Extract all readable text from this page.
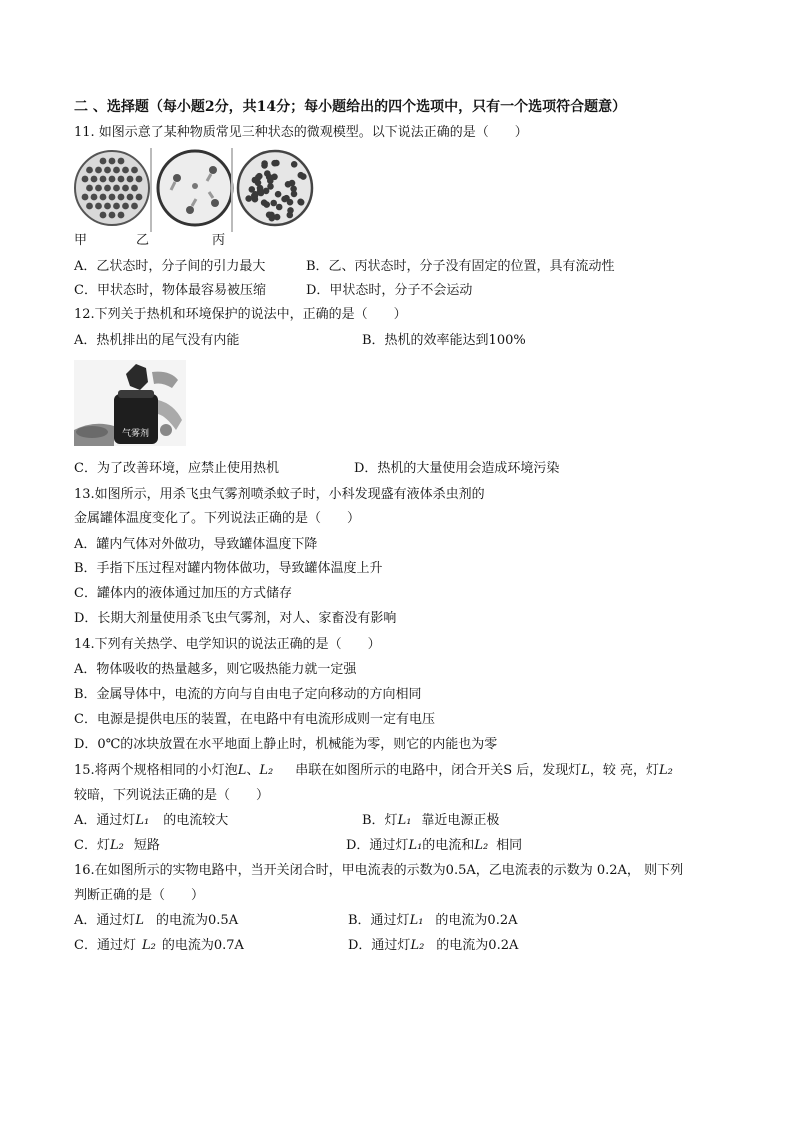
二 、选择题（每小题2分，共14分；每小题给出的四个选项中，只有一个选项符合题意）
11. 如图示意了某种物质常见三种状态的微观模型。以下说法正确的是（　　）
甲	乙	丙
A．乙状态时，分子间的引力最大	B．乙、丙状态时，分子没有固定的位置，具有流动性
C．甲状态时，物体最容易被压缩	D．甲状态时，分子不会运动
12.下列关于热机和环境保护的说法中，正确的是（　　）
A．热机排出的尾气没有内能	B．热机的效率能达到100%
气雾剂
C．为了改善环境，应禁止使用热机	D．热机的大量使用会造成环境污染
13.如图所示，用杀飞虫气雾剂喷杀蚊子时，小科发现盛有液体杀虫剂的
金属罐体温度变化了。下列说法正确的是（　　）
A．罐内气体对外做功，导致罐体温度下降
B．手指下压过程对罐内物体做功，导致罐体温度上升
C．罐体内的液体通过加压的方式储存
D．长期大剂量使用杀飞虫气雾剂，对人、家畜没有影响
14.下列有关热学、电学知识的说法正确的是（　　）
A．物体吸收的热量越多，则它吸热能力就一定强
B．金属导体中，电流的方向与自由电子定向移动的方向相同
C．电源是提供电压的装置，在电路中有电流形成则一定有电压
D．0℃的冰块放置在水平地面上静止时，机械能为零，则它的内能也为零
15.将两个规格相同的小灯泡L、L₂ 串联在如图所示的电路中，闭合开关S 后，发现灯L，较 亮，灯L₂
较暗，下列说法正确的是（　　）
A．通过灯L₁ 的电流较大	B．灯L₁ 靠近电源正极
C．灯L₂ 短路	D．通过灯L₁的电流和L₂ 相同
16.在如图所示的实物电路中，当开关闭合时，甲电流表的示数为0.5A，乙电流表的示数为 0.2A， 则下列
判断正确的是（　　）
A．通过灯L 的电流为0.5A	B．通过灯L₁ 的电流为0.2A
C．通过灯 L₂ 的电流为0.7A	D．通过灯L₂ 的电流为0.2A
